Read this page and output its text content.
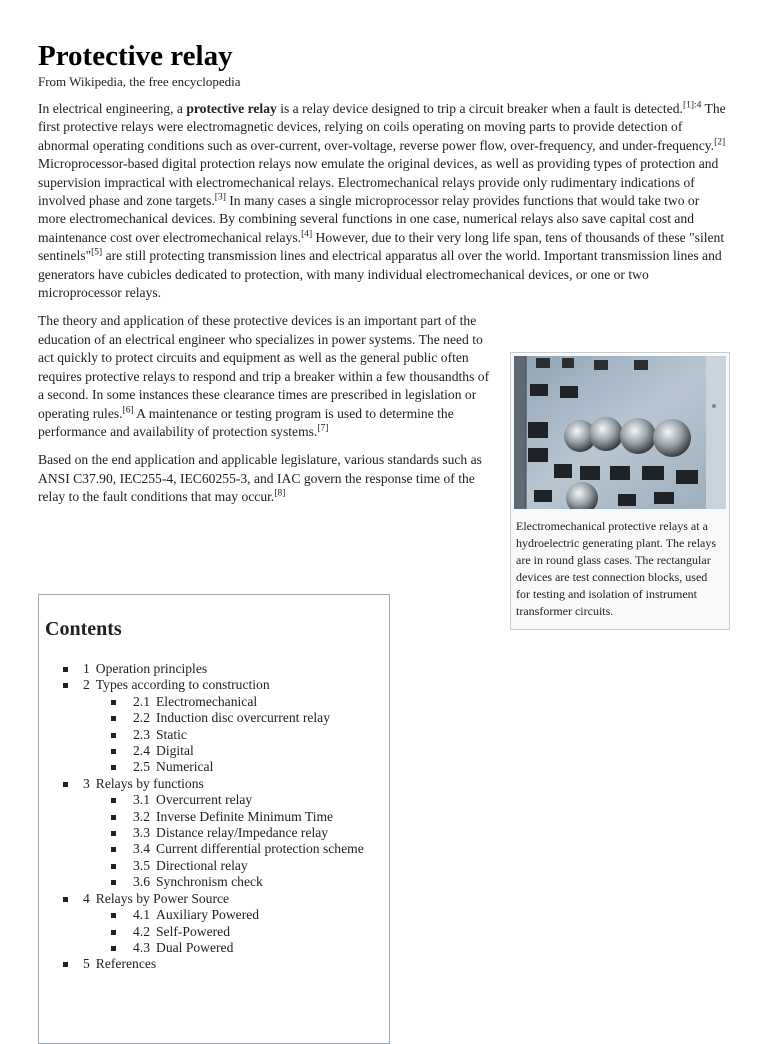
Protective relay
From Wikipedia, the free encyclopedia

In electrical engineering, a protective relay is a relay device designed to trip a circuit breaker when a fault is detected.$^{[1]:4}$ The first protective relays were electromagnetic devices, relying on coils operating on moving parts to provide detection of abnormal operating conditions such as over-current, over-voltage, reverse power flow, over-frequency, and under-frequency.[2] Microprocessor-based digital protection relays now emulate the original devices, as well as providing types of protection and supervision impractical with electromechanical relays. Electromechanical relays provide only rudimentary indications of involved phase and zone targets.[3] In many cases a single microprocessor relay provides functions that would take two or more electromechanical devices. By combining several functions in one case, numerical relays also save capital cost and maintenance cost over electromechanical relays.[4] However, due to their very long life span, tens of thousands of these "silent sentinels"[5] are still protecting transmission lines and electrical apparatus all over the world. Important transmission lines and generators have cubicles dedicated to protection, with many individual electromechanical devices, or one or two microprocessor relays.

The theory and application of these protective devices is an important part of the education of an electrical engineer who specializes in power systems. The need to act quickly to protect circuits and equipment as well as the general public often requires protective relays to respond and trip a breaker within a few thousandths of a second. In some instances these clearance times are prescribed in legislation or operating rules.[6] A maintenance or testing program is used to determine the performance and availability of protection systems.[7]

Based on the end application and applicable legislature, various standards such as ANSI C37.90, IEC255-4, IEC60255-3, and IAC govern the response time of the relay to the fault conditions that may occur.[8]

Electromechanical protective relays at a hydroelectric generating plant. The relays are in round glass cases. The rectangular devices are test connection blocks, used for testing and isolation of instrument transformer circuits.
Contents
1 Operation principles
2 Types according to construction
2.1 Electromechanical
2.2 Induction disc overcurrent relay
2.3 Static
2.4 Digital
2.5 Numerical
3 Relays by functions
3.1 Overcurrent relay
3.2 Inverse Definite Minimum Time
3.3 Distance relay/Impedance relay
3.4 Current differential protection scheme
3.5 Directional relay
3.6 Synchronism check
4 Relays by Power Source
4.1 Auxiliary Powered
4.2 Self-Powered
4.3 Dual Powered
5 References
